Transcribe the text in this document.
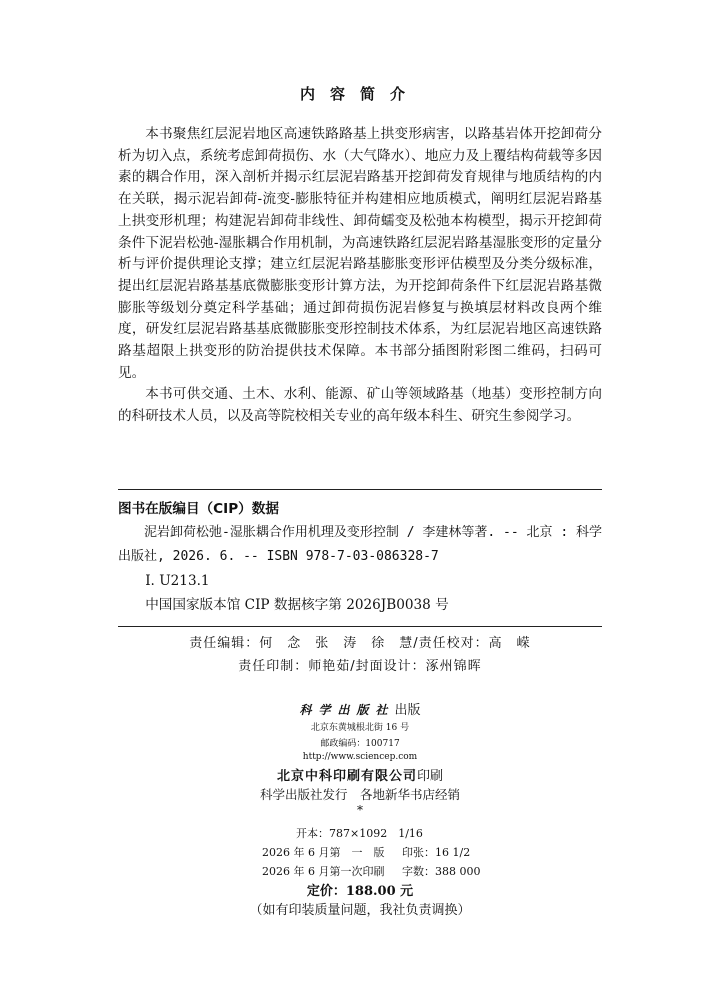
内容简介

本书聚焦红层泥岩地区高速铁路路基上拱变形病害，以路基岩体开挖卸荷分析为切入点，系统考虑卸荷损伤、水（大气降水）、地应力及上覆结构荷载等多因素的耦合作用，深入剖析并揭示红层泥岩路基开挖卸荷发育规律与地质结构的内在关联，揭示泥岩卸荷-流变-膨胀特征并构建相应地质模式，阐明红层泥岩路基上拱变形机理；构建泥岩卸荷非线性、卸荷蠕变及松弛本构模型，揭示开挖卸荷条件下泥岩松弛-湿胀耦合作用机制，为高速铁路红层泥岩路基湿胀变形的定量分析与评价提供理论支撑；建立红层泥岩路基膨胀变形评估模型及分类分级标准，提出红层泥岩路基基底微膨胀变形计算方法，为开挖卸荷条件下红层泥岩路基微膨胀等级划分奠定科学基础；通过卸荷损伤泥岩修复与换填层材料改良两个维度，研发红层泥岩路基基底微膨胀变形控制技术体系，为红层泥岩地区高速铁路路基超限上拱变形的防治提供技术保障。本书部分插图附彩图二维码，扫码可见。

本书可供交通、土木、水利、能源、矿山等领域路基（地基）变形控制方向的科研技术人员，以及高等院校相关专业的高年级本科生、研究生参阅学习。

图书在版编目（CIP）数据
泥岩卸荷松弛-湿胀耦合作用机理及变形控制 / 李建林等著. -- 北京 : 科学出版社, 2026. 6. -- ISBN 978-7-03-086328-7
I. U213.1
中国国家版本馆 CIP 数据核字第 2026JB0038 号
责任编辑：何　念　张　涛　徐　慧/责任校对：高　嵘
责任印制：师艳茹/封面设计：涿州锦晖
科学出版社出版
北京东黄城根北街 16 号
邮政编码：100717
http://www.sciencep.com
北京中科印刷有限公司印刷
科学出版社发行　各地新华书店经销
*
开本：787×1092　1/16
2026 年 6 月第　一　版 印张：16 1/2
2026 年 6 月第一次印刷 字数：388 000
定价：188.00 元
（如有印装质量问题，我社负责调换）
